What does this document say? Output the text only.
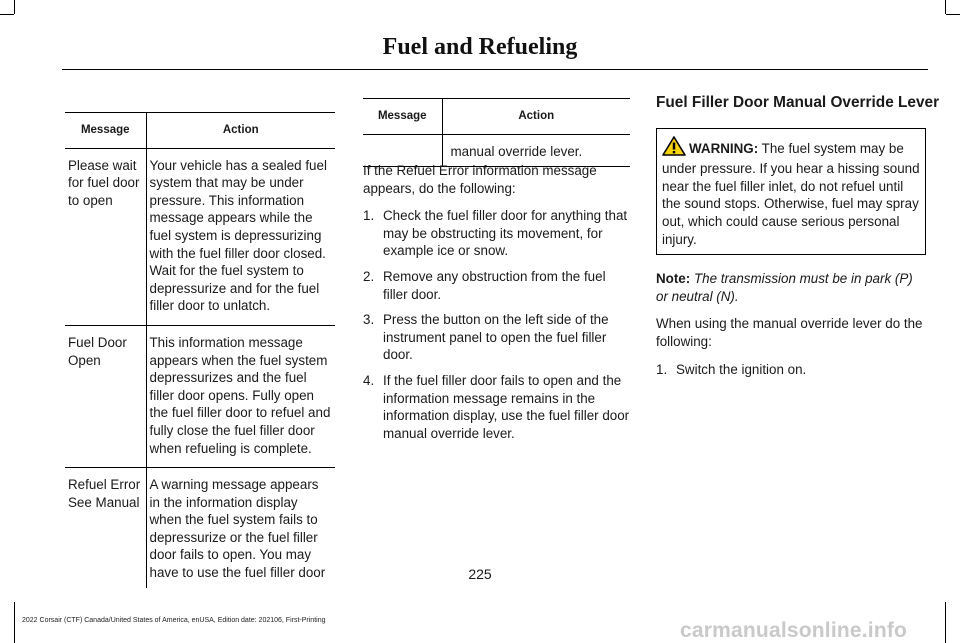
Fuel and Refueling
Message	Action
Please wait for fuel door to open	Your vehicle has a sealed fuel system that may be under pressure. This information message appears while the fuel system is depressurizing with the fuel filler door closed. Wait for the fuel system to depressurize and for the fuel filler door to unlatch.
Fuel Door Open	This information message appears when the fuel system depressurizes and the fuel filler door opens. Fully open the fuel filler door to refuel and fully close the fuel filler door when refueling is complete.
Refuel Error See Manual	A warning message appears in the information display when the fuel system fails to depressurize or the fuel filler door fails to open. You may have to use the fuel filler door
Message	Action
	manual override lever.

If the Refuel Error information message appears, do the following:

1. Check the fuel filler door for anything that may be obstructing its movement, for example ice or snow.
2. Remove any obstruction from the fuel filler door.
3. Press the button on the left side of the instrument panel to open the fuel filler door.
4. If the fuel filler door fails to open and the information message remains in the information display, use the fuel filler door manual override lever.
Fuel Filler Door Manual Override Lever
WARNING: The fuel system may be under pressure. If you hear a hissing sound near the fuel filler inlet, do not refuel until the sound stops. Otherwise, fuel may spray out, which could cause serious personal injury.

Note: The transmission must be in park (P) or neutral (N).

When using the manual override lever do the following:

1. Switch the ignition on.
225
2022 Corsair (CTF) Canada/United States of America, enUSA, Edition date: 202106, First-Printing	carmanualsonline.info
